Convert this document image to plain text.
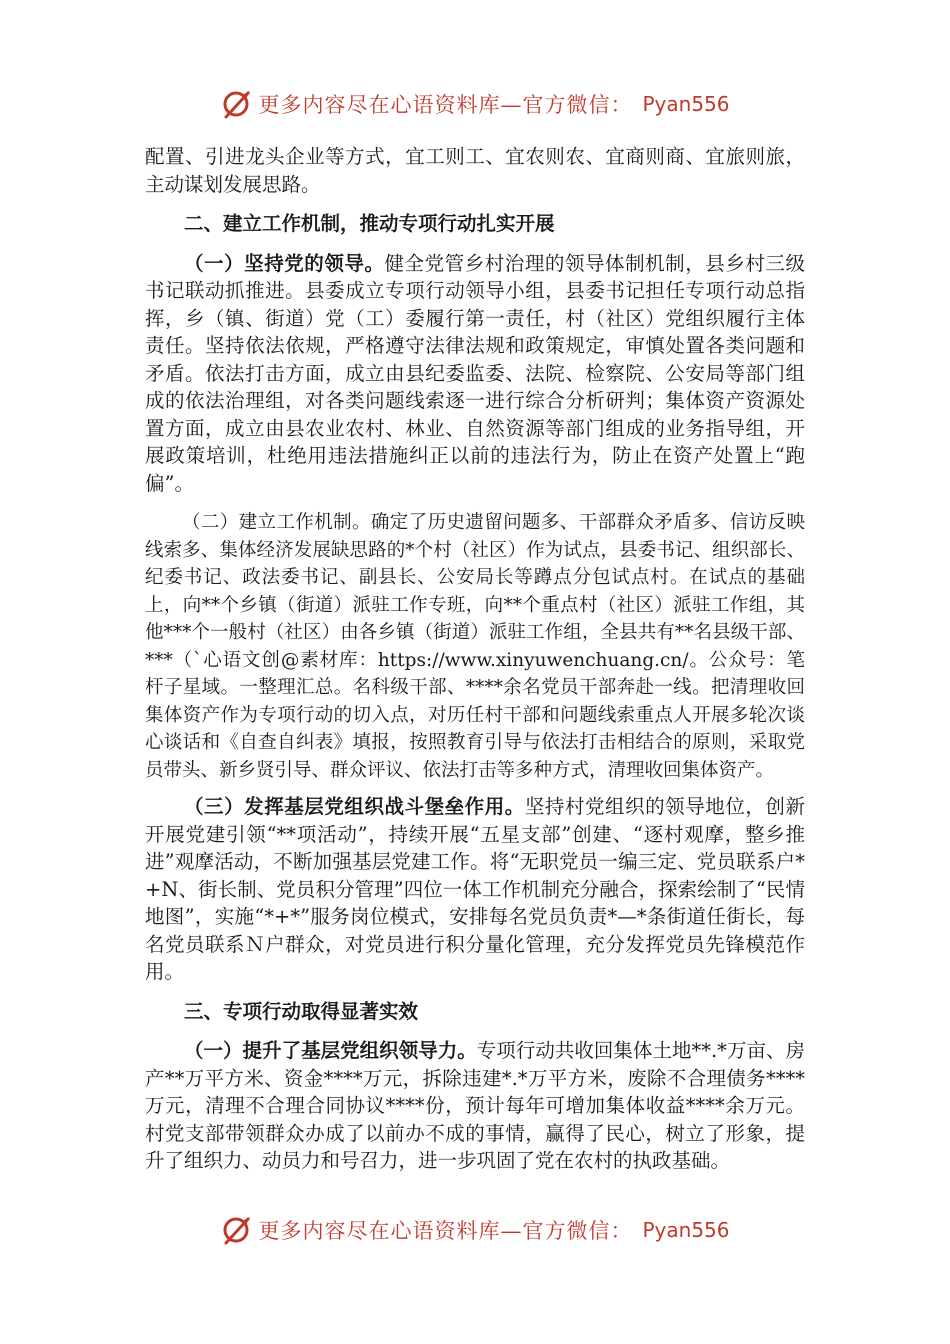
更多内容尽在心语资料库—官方微信： Pyan556

配置、引进龙头企业等方式，宜工则工、宜农则农、宜商则商、宜旅则旅，主动谋划发展思路。

二、建立工作机制，推动专项行动扎实开展

（一）坚持党的领导。健全党管乡村治理的领导体制机制，县乡村三级书记联动抓推进。县委成立专项行动领导小组，县委书记担任专项行动总指挥，乡（镇、街道）党（工）委履行第一责任，村（社区）党组织履行主体责任。坚持依法依规，严格遵守法律法规和政策规定，审慎处置各类问题和矛盾。依法打击方面，成立由县纪委监委、法院、检察院、公安局等部门组成的依法治理组，对各类问题线索逐一进行综合分析研判；集体资产资源处置方面，成立由县农业农村、林业、自然资源等部门组成的业务指导组，开展政策培训，杜绝用违法措施纠正以前的违法行为，防止在资产处置上“跑偏”。

（二）建立工作机制。确定了历史遗留问题多、干部群众矛盾多、信访反映线索多、集体经济发展缺思路的*个村（社区）作为试点，县委书记、组织部长、纪委书记、政法委书记、副县长、公安局长等蹲点分包试点村。在试点的基础上，向**个乡镇（街道）派驻工作专班，向**个重点村（社区）派驻工作组，其他***个一般村（社区）由各乡镇（街道）派驻工作组，全县共有**名县级干部、***（`心语文创@素材库：https://www.xinyuwenchuang.cn/。公众号：笔杆子星域。一整理汇总。名科级干部、****余名党员干部奔赴一线。把清理收回集体资产作为专项行动的切入点，对历任村干部和问题线索重点人开展多轮次谈心谈话和《自查自纠表》填报，按照教育引导与依法打击相结合的原则，采取党员带头、新乡贤引导、群众评议、依法打击等多种方式，清理收回集体资产。

（三）发挥基层党组织战斗堡垒作用。坚持村党组织的领导地位，创新开展党建引领“**项活动”，持续开展“五星支部”创建、“逐村观摩，整乡推进”观摩活动，不断加强基层党建工作。将“无职党员一编三定、党员联系户*+N、街长制、党员积分管理”四位一体工作机制充分融合，探索绘制了“民情地图”，实施“*+*”服务岗位模式，安排每名党员负责*—*条街道任街长，每名党员联系Ｎ户群众，对党员进行积分量化管理，充分发挥党员先锋模范作用。

三、专项行动取得显著实效

（一）提升了基层党组织领导力。专项行动共收回集体土地**.*万亩、房产**万平方米、资金****万元，拆除违建*.*万平方米，废除不合理债务****万元，清理不合理合同协议****份，预计每年可增加集体收益****余万元。村党支部带领群众办成了以前办不成的事情，赢得了民心，树立了形象，提升了组织力、动员力和号召力，进一步巩固了党在农村的执政基础。

更多内容尽在心语资料库—官方微信： Pyan556
